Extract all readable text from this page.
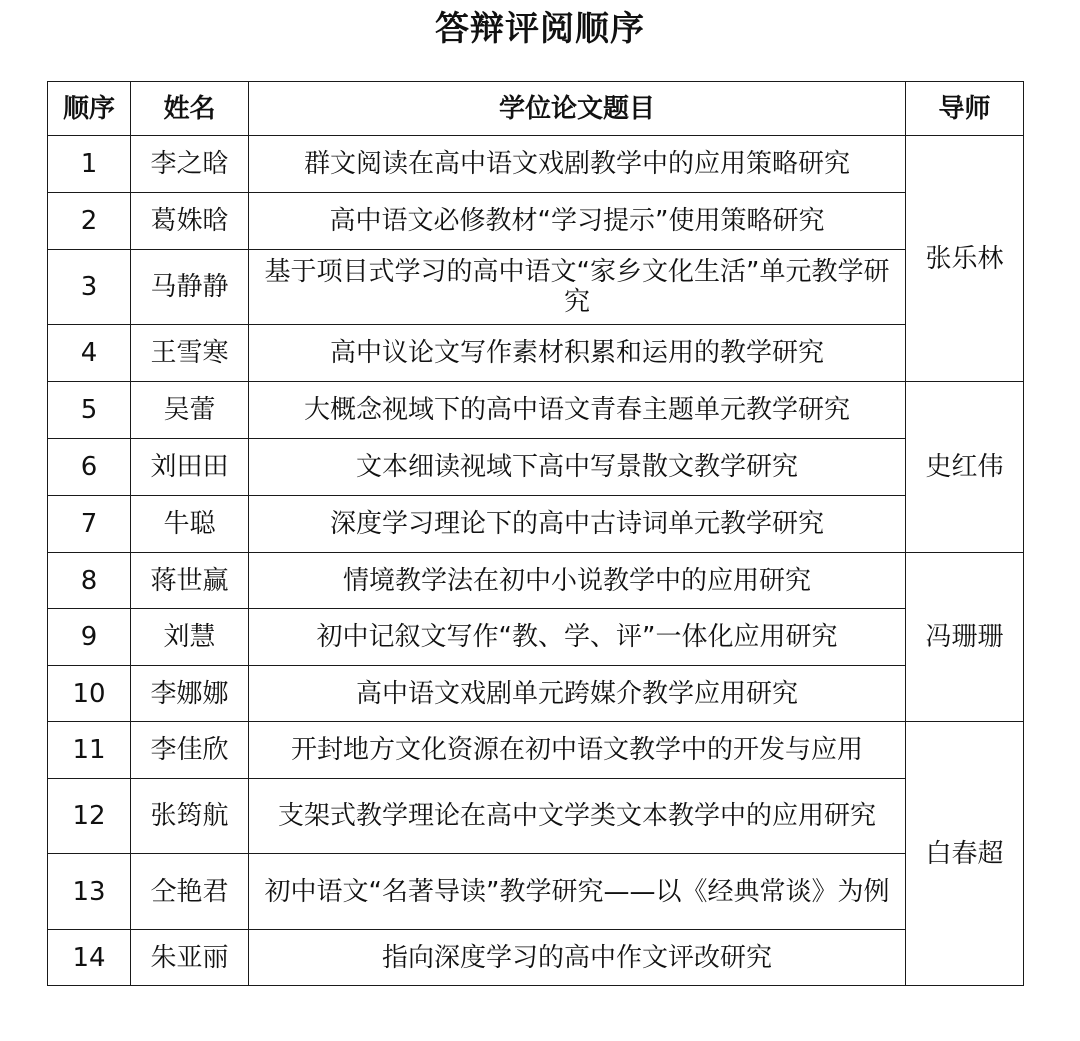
答辩评阅顺序
顺序	姓名	学位论文题目	导师
1	李之晗	群文阅读在高中语文戏剧教学中的应用策略研究	张乐林
2	葛姝晗	高中语文必修教材“学习提示”使用策略研究	
3	马静静	基于项目式学习的高中语文“家乡文化生活”单元教学研究	
4	王雪寒	高中议论文写作素材积累和运用的教学研究	
5	吴蕾	大概念视域下的高中语文青春主题单元教学研究	史红伟
6	刘田田	文本细读视域下高中写景散文教学研究	
7	牛聪	深度学习理论下的高中古诗词单元教学研究	
8	蒋世赢	情境教学法在初中小说教学中的应用研究	冯珊珊
9	刘慧	初中记叙文写作“教、学、评”一体化应用研究	
10	李娜娜	高中语文戏剧单元跨媒介教学应用研究	
11	李佳欣	开封地方文化资源在初中语文教学中的开发与应用	白春超
12	张筠航	支架式教学理论在高中文学类文本教学中的应用研究	
13	仝艳君	初中语文“名著导读”教学研究——以《经典常谈》为例	
14	朱亚丽	指向深度学习的高中作文评改研究	
